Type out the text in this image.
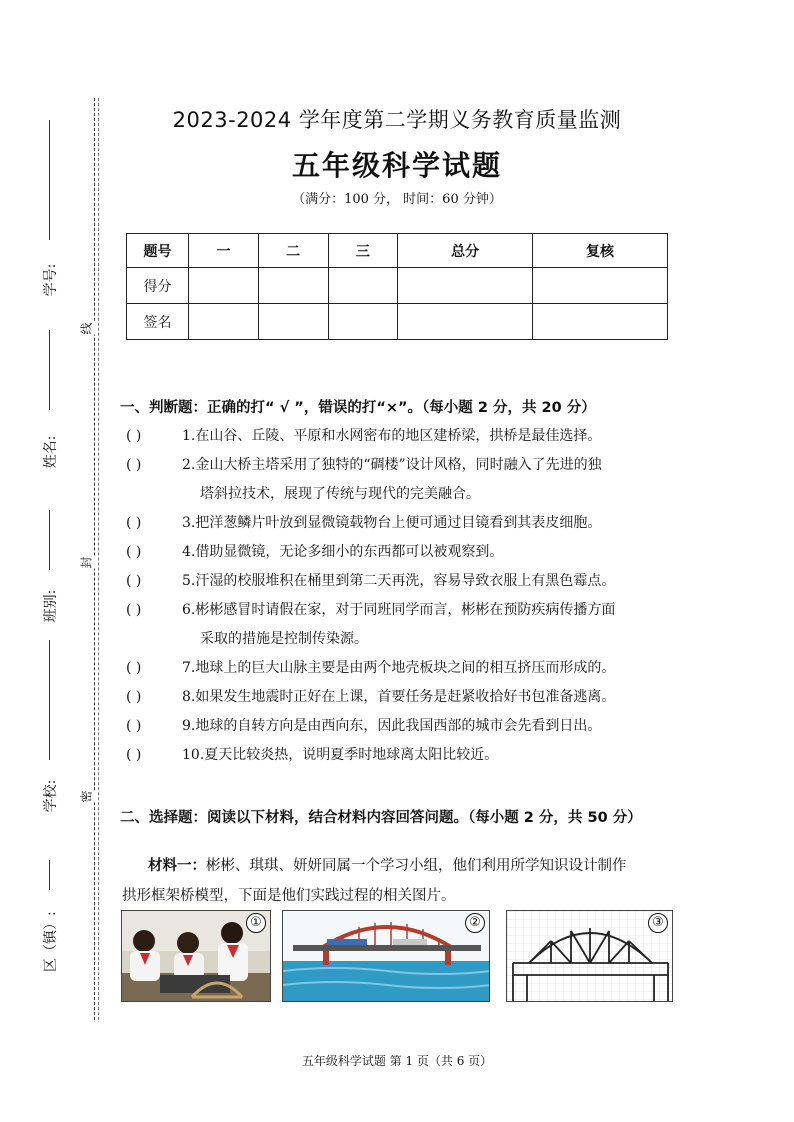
线
封
密
学号:
姓名:
班别:
学校:
区（镇）:
2023-2024 学年度第二学期义务教育质量监测
五年级科学试题
（满分：100 分， 时间：60 分钟）
题号	一	二	三	总分	复核
得分					
签名					
一、判断题：正确的打“ √ ”，错误的打“×”。（每小题 2 分，共 20 分）
( )	1.在山谷、丘陵、平原和水网密布的地区建桥梁，拱桥是最佳选择。
( )	2.金山大桥主塔采用了独特的“碉楼”设计风格，同时融入了先进的独
塔斜拉技术，展现了传统与现代的完美融合。
( )	3.把洋葱鳞片叶放到显微镜载物台上便可通过目镜看到其表皮细胞。
( )	4.借助显微镜，无论多细小的东西都可以被观察到。
( )	5.汗湿的校服堆积在桶里到第二天再洗，容易导致衣服上有黑色霉点。
( )	6.彬彬感冒时请假在家，对于同班同学而言，彬彬在预防疾病传播方面
采取的措施是控制传染源。
( )	7.地球上的巨大山脉主要是由两个地壳板块之间的相互挤压而形成的。
( )	8.如果发生地震时正好在上课，首要任务是赶紧收拾好书包准备逃离。
( )	9.地球的自转方向是由西向东，因此我国西部的城市会先看到日出。
( )	10.夏天比较炎热，说明夏季时地球离太阳比较近。
二、选择题：阅读以下材料，结合材料内容回答问题。（每小题 2 分，共 50 分）
材料一：彬彬、琪琪、妍妍同属一个学习小组，他们利用所学知识设计制作
拱形框架桥模型，下面是他们实践过程的相关图片。
①	②	③
五年级科学试题 第 1 页（共 6 页）
